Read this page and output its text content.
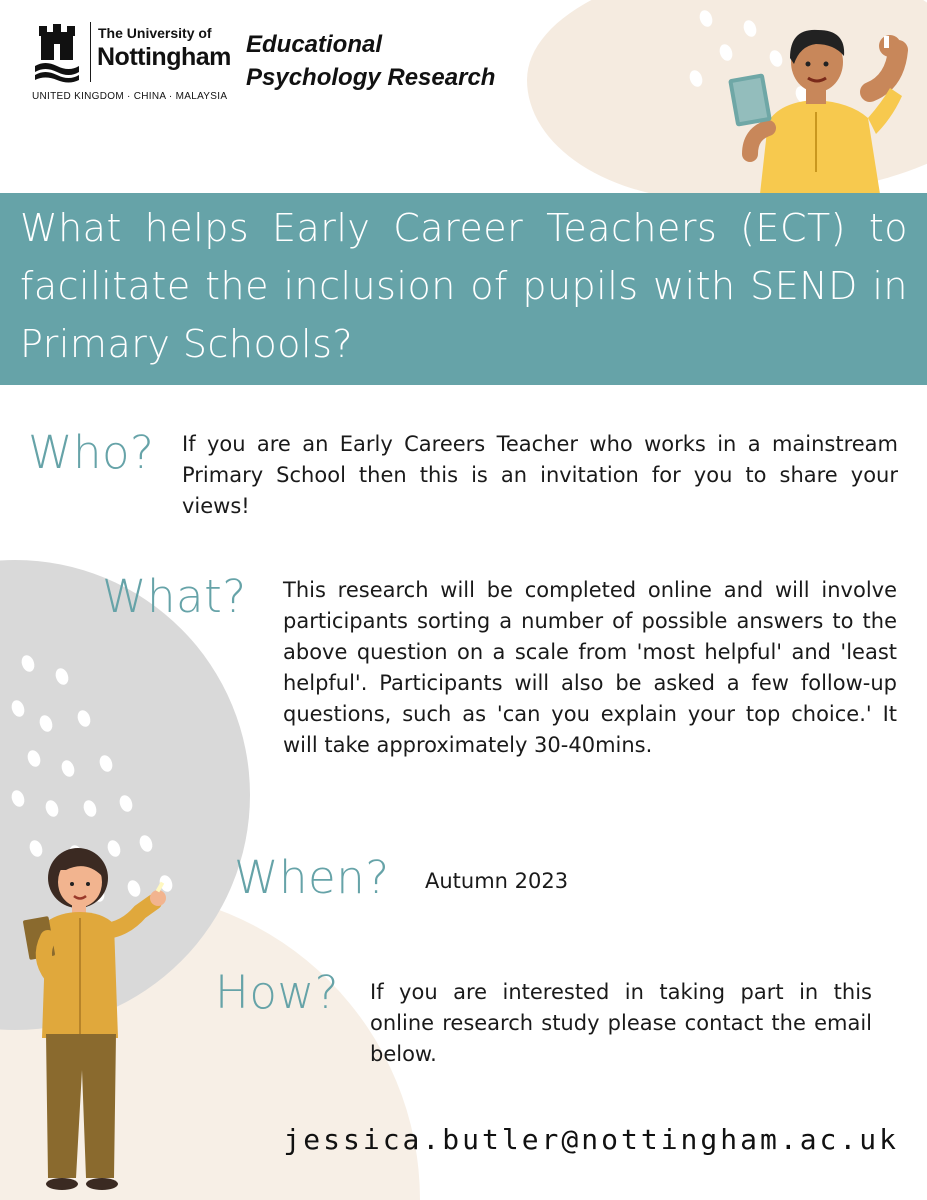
The University of
Nottingham
UNITED KINGDOM · CHINA · MALAYSIA
Educational
Psychology Research
What helps Early Career Teachers (ECT) to facilitate the inclusion of pupils with SEND in Primary Schools?
Who? If you are an Early Careers Teacher who works in a mainstream Primary School then this is an invitation for you to share your views!

What? This research will be completed online and will involve participants sorting a number of possible answers to the above question on a scale from 'most helpful' and 'least helpful'. Participants will also be asked a few follow-up questions, such as 'can you explain your top choice.' It will take approximately 30-40mins.

When? Autumn 2023

How? If you are interested in taking part in this online research study please contact the email below.

jessica.butler@nottingham.ac.uk
